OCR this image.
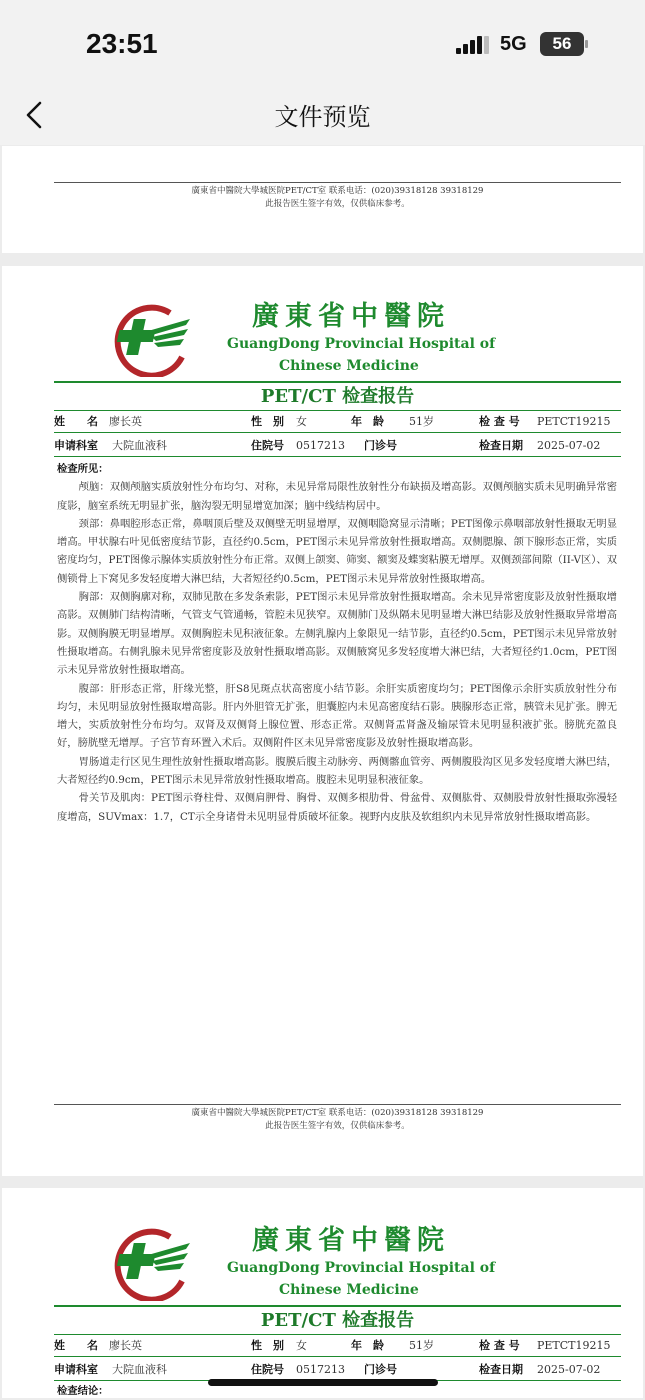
23:51	5G	56
文件预览
廣東省中醫院大學城医院PET/CT室 联系电话：(020)39318128 39318129
此报告医生签字有效，仅供临床参考。
廣東省中醫院
GuangDong Provincial Hospital of
Chinese Medicine
PET/CT 检查报告
姓　　名 廖长英	性　别 女	年　龄 51岁	检 查 号 PETCT19215
申请科室 大院血液科	住院号 0517213 门诊号	检查日期 2025-07-02
检查所见：

颅脑：双侧颅脑实质放射性分布均匀、对称，未见异常局限性放射性分布缺损及增高影。双侧颅脑实质未见明确异常密度影，脑室系统无明显扩张，脑沟裂无明显增宽加深；脑中线结构居中。

颈部：鼻咽腔形态正常，鼻咽顶后壁及双侧壁无明显增厚，双侧咽隐窝显示清晰；PET图像示鼻咽部放射性摄取无明显增高。甲状腺右叶见低密度结节影，直径约0.5cm，PET图示未见异常放射性摄取增高。双侧腮腺、颌下腺形态正常，实质密度均匀，PET图像示腺体实质放射性分布正常。双侧上颌窦、筛窦、额窦及蝶窦粘膜无增厚。双侧颈部间隙（II-V区）、双侧锁骨上下窝见多发轻度增大淋巴结，大者短径约0.5cm，PET图示未见异常放射性摄取增高。

胸部：双侧胸廓对称，双肺见散在多发条索影，PET图示未见异常放射性摄取增高。余未见异常密度影及放射性摄取增高影。双侧肺门结构清晰，气管支气管通畅，管腔未见狭窄。双侧肺门及纵隔未见明显增大淋巴结影及放射性摄取异常增高影。双侧胸膜无明显增厚。双侧胸腔未见积液征象。左侧乳腺内上象限见一结节影，直径约0.5cm，PET图示未见异常放射性摄取增高。右侧乳腺未见异常密度影及放射性摄取增高影。双侧腋窝见多发轻度增大淋巴结，大者短径约1.0cm，PET图示未见异常放射性摄取增高。

腹部：肝形态正常，肝缘光整，肝S8见斑点状高密度小结节影。余肝实质密度均匀；PET图像示余肝实质放射性分布均匀，未见明显放射性摄取增高影。肝内外胆管无扩张，胆囊腔内未见高密度结石影。胰腺形态正常，胰管未见扩张。脾无增大，实质放射性分布均匀。双肾及双侧肾上腺位置、形态正常。双侧肾盂肾盏及输尿管未见明显积液扩张。膀胱充盈良好，膀胱壁无增厚。子宫节育环置入术后。双侧附件区未见异常密度影及放射性摄取增高影。

胃肠道走行区见生理性放射性摄取增高影。腹膜后腹主动脉旁、两侧髂血管旁、两侧腹股沟区见多发轻度增大淋巴结，大者短径约0.9cm，PET图示未见异常放射性摄取增高。腹腔未见明显积液征象。

骨关节及肌肉：PET图示脊柱骨、双侧肩胛骨、胸骨、双侧多根肋骨、骨盆骨、双侧肱骨、双侧股骨放射性摄取弥漫轻度增高，SUVmax：1.7，CT示全身诸骨未见明显骨质破坏征象。视野内皮肤及软组织内未见异常放射性摄取增高影。

廣東省中醫院大學城医院PET/CT室 联系电话：(020)39318128 39318129
此报告医生签字有效，仅供临床参考。
廣東省中醫院
GuangDong Provincial Hospital of
Chinese Medicine
PET/CT 检查报告
姓　　名 廖长英	性　别 女	年　龄 51岁	检 查 号 PETCT19215
申请科室 大院血液科	住院号 0517213 门诊号	检查日期 2025-07-02
检查结论：
